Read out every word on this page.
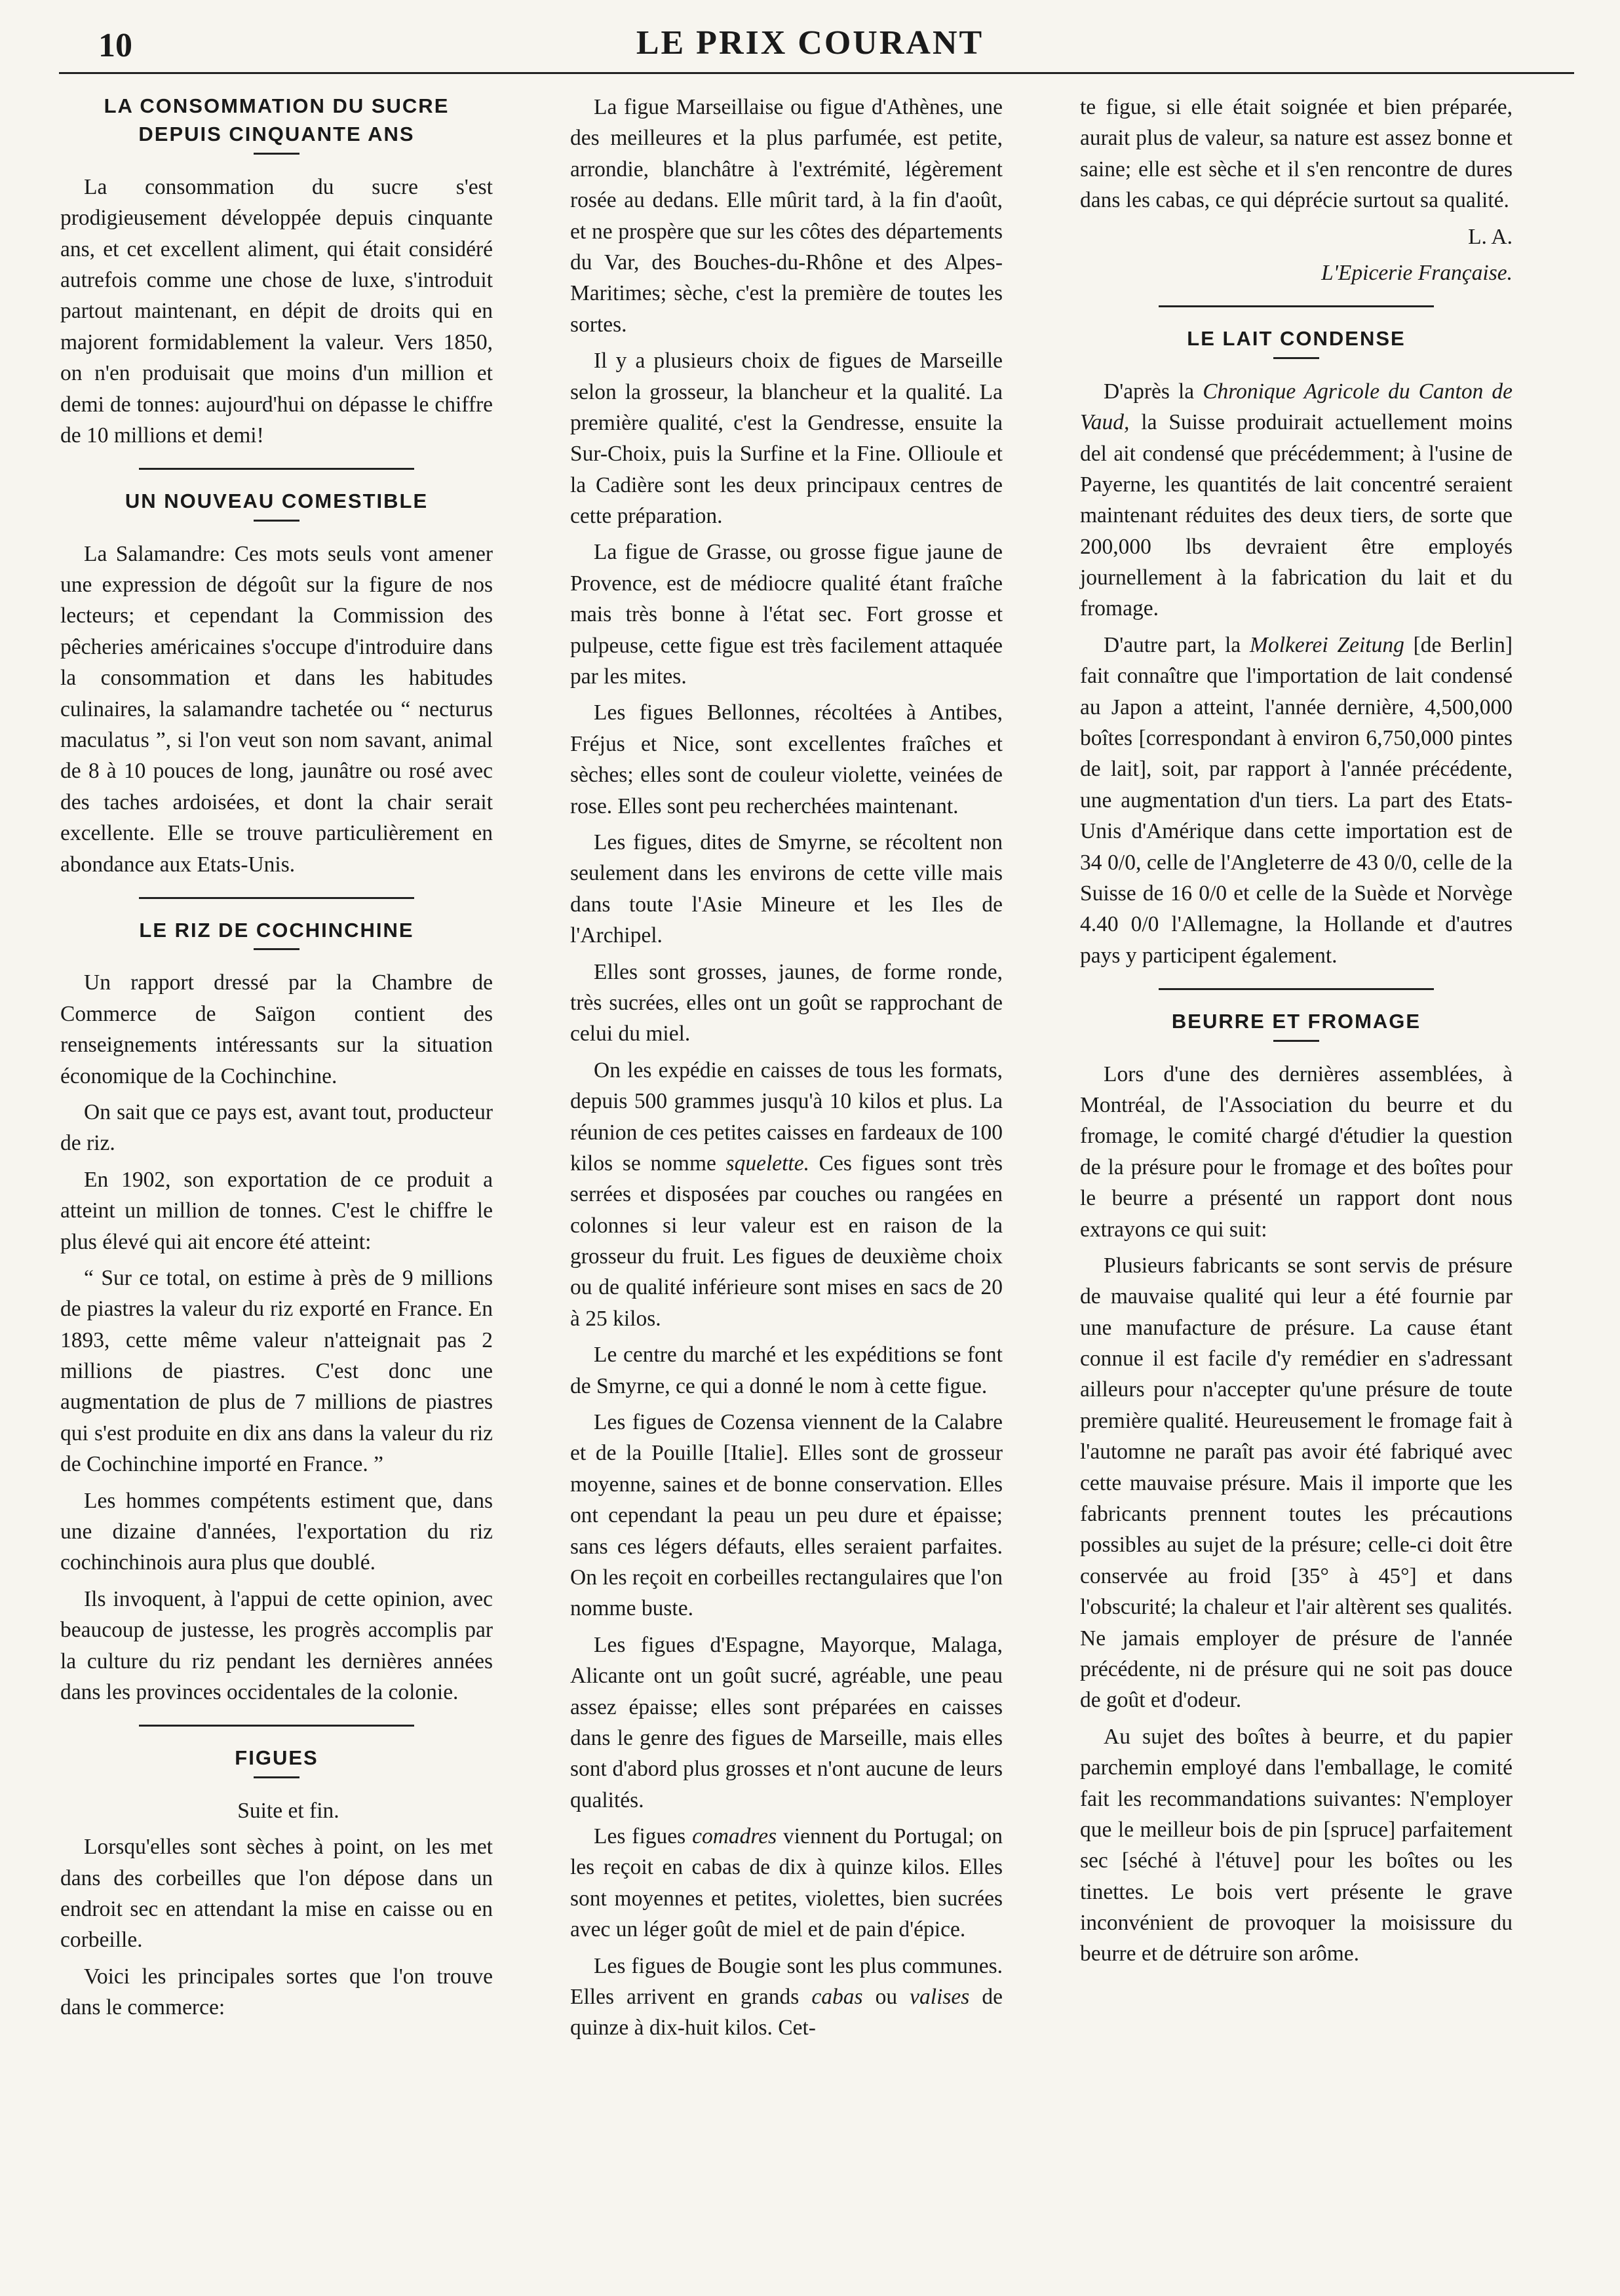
10	LE PRIX COURANT
LA CONSOMMATION DU SUCRE DEPUIS CINQUANTE ANS

La consommation du sucre s'est prodigieusement développée depuis cinquante ans, et cet excellent aliment, qui était considéré autrefois comme une chose de luxe, s'introduit partout maintenant, en dépit de droits qui en majorent formidablement la valeur. Vers 1850, on n'en produisait que moins d'un million et demi de tonnes: aujourd'hui on dépasse le chiffre de 10 millions et demi!

UN NOUVEAU COMESTIBLE

La Salamandre: Ces mots seuls vont amener une expression de dégoût sur la figure de nos lecteurs; et cependant la Commission des pêcheries américaines s'occupe d'introduire dans la consommation et dans les habitudes culinaires, la salamandre tachetée ou “ necturus maculatus ”, si l'on veut son nom savant, animal de 8 à 10 pouces de long, jaunâtre ou rosé avec des taches ardoisées, et dont la chair serait excellente. Elle se trouve particulièrement en abondance aux Etats-Unis.

LE RIZ DE COCHINCHINE

Un rapport dressé par la Chambre de Commerce de Saïgon contient des renseignements intéressants sur la situation économique de la Cochinchine.

On sait que ce pays est, avant tout, producteur de riz.

En 1902, son exportation de ce produit a atteint un million de tonnes. C'est le chiffre le plus élevé qui ait encore été atteint:

“ Sur ce total, on estime à près de 9 millions de piastres la valeur du riz exporté en France. En 1893, cette même valeur n'atteignait pas 2 millions de piastres. C'est donc une augmentation de plus de 7 millions de piastres qui s'est produite en dix ans dans la valeur du riz de Cochinchine importé en France. ”

Les hommes compétents estiment que, dans une dizaine d'années, l'exportation du riz cochinchinois aura plus que doublé.

Ils invoquent, à l'appui de cette opinion, avec beaucoup de justesse, les progrès accomplis par la culture du riz pendant les dernières années dans les provinces occidentales de la colonie.

FIGUES

Suite et fin.

Lorsqu'elles sont sèches à point, on les met dans des corbeilles que l'on dépose dans un endroit sec en attendant la mise en caisse ou en corbeille.

Voici les principales sortes que l'on trouve dans le commerce:

La figue Marseillaise ou figue d'Athènes, une des meilleures et la plus parfumée, est petite, arrondie, blanchâtre à l'extrémité, légèrement rosée au dedans. Elle mûrit tard, à la fin d'août, et ne prospère que sur les côtes des départements du Var, des Bouches-du-Rhône et des Alpes-Maritimes; sèche, c'est la première de toutes les sortes.

Il y a plusieurs choix de figues de Marseille selon la grosseur, la blancheur et la qualité. La première qualité, c'est la Gendresse, ensuite la Sur-Choix, puis la Surfine et la Fine. Ollioule et la Cadière sont les deux principaux centres de cette préparation.

La figue de Grasse, ou grosse figue jaune de Provence, est de médiocre qualité étant fraîche mais très bonne à l'état sec. Fort grosse et pulpeuse, cette figue est très facilement attaquée par les mites.

Les figues Bellonnes, récoltées à Antibes, Fréjus et Nice, sont excellentes fraîches et sèches; elles sont de couleur violette, veinées de rose. Elles sont peu recherchées maintenant.

Les figues, dites de Smyrne, se récoltent non seulement dans les environs de cette ville mais dans toute l'Asie Mineure et les Iles de l'Archipel.

Elles sont grosses, jaunes, de forme ronde, très sucrées, elles ont un goût se rapprochant de celui du miel.

On les expédie en caisses de tous les formats, depuis 500 grammes jusqu'à 10 kilos et plus. La réunion de ces petites caisses en fardeaux de 100 kilos se nomme squelette. Ces figues sont très serrées et disposées par couches ou rangées en colonnes si leur valeur est en raison de la grosseur du fruit. Les figues de deuxième choix ou de qualité inférieure sont mises en sacs de 20 à 25 kilos.

Le centre du marché et les expéditions se font de Smyrne, ce qui a donné le nom à cette figue.

Les figues de Cozensa viennent de la Calabre et de la Pouille [Italie]. Elles sont de grosseur moyenne, saines et de bonne conservation. Elles ont cependant la peau un peu dure et épaisse; sans ces légers défauts, elles seraient parfaites. On les reçoit en corbeilles rectangulaires que l'on nomme buste.

Les figues d'Espagne, Mayorque, Malaga, Alicante ont un goût sucré, agréable, une peau assez épaisse; elles sont préparées en caisses dans le genre des figues de Marseille, mais elles sont d'abord plus grosses et n'ont aucune de leurs qualités.

Les figues comadres viennent du Portugal; on les reçoit en cabas de dix à quinze kilos. Elles sont moyennes et petites, violettes, bien sucrées avec un léger goût de miel et de pain d'épice.

Les figues de Bougie sont les plus communes. Elles arrivent en grands cabas ou valises de quinze à dix-huit kilos. Cet-

te figue, si elle était soignée et bien préparée, aurait plus de valeur, sa nature est assez bonne et saine; elle est sèche et il s'en rencontre de dures dans les cabas, ce qui déprécie surtout sa qualité.

L. A.

L'Epicerie Française.

LE LAIT CONDENSE

D'après la Chronique Agricole du Canton de Vaud, la Suisse produirait actuellement moins del ait condensé que précédemment; à l'usine de Payerne, les quantités de lait concentré seraient maintenant réduites des deux tiers, de sorte que 200,000 lbs devraient être employés journellement à la fabrication du lait et du fromage.

D'autre part, la Molkerei Zeitung [de Berlin] fait connaître que l'importation de lait condensé au Japon a atteint, l'année dernière, 4,500,000 boîtes [correspondant à environ 6,750,000 pintes de lait], soit, par rapport à l'année précédente, une augmentation d'un tiers. La part des Etats-Unis d'Amérique dans cette importation est de 34 0/0, celle de l'Angleterre de 43 0/0, celle de la Suisse de 16 0/0 et celle de la Suède et Norvège 4.40 0/0 l'Allemagne, la Hollande et d'autres pays y participent également.

BEURRE ET FROMAGE

Lors d'une des dernières assemblées, à Montréal, de l'Association du beurre et du fromage, le comité chargé d'étudier la question de la présure pour le fromage et des boîtes pour le beurre a présenté un rapport dont nous extrayons ce qui suit:

Plusieurs fabricants se sont servis de présure de mauvaise qualité qui leur a été fournie par une manufacture de présure. La cause étant connue il est facile d'y remédier en s'adressant ailleurs pour n'accepter qu'une présure de toute première qualité. Heureusement le fromage fait à l'automne ne paraît pas avoir été fabriqué avec cette mauvaise présure. Mais il importe que les fabricants prennent toutes les précautions possibles au sujet de la présure; celle-ci doit être conservée au froid [35° à 45°] et dans l'obscurité; la chaleur et l'air altèrent ses qualités. Ne jamais employer de présure de l'année précédente, ni de présure qui ne soit pas douce de goût et d'odeur.

Au sujet des boîtes à beurre, et du papier parchemin employé dans l'emballage, le comité fait les recommandations suivantes: N'employer que le meilleur bois de pin [spruce] parfaitement sec [séché à l'étuve] pour les boîtes ou les tinettes. Le bois vert présente le grave inconvénient de provoquer la moisissure du beurre et de détruire son arôme.
